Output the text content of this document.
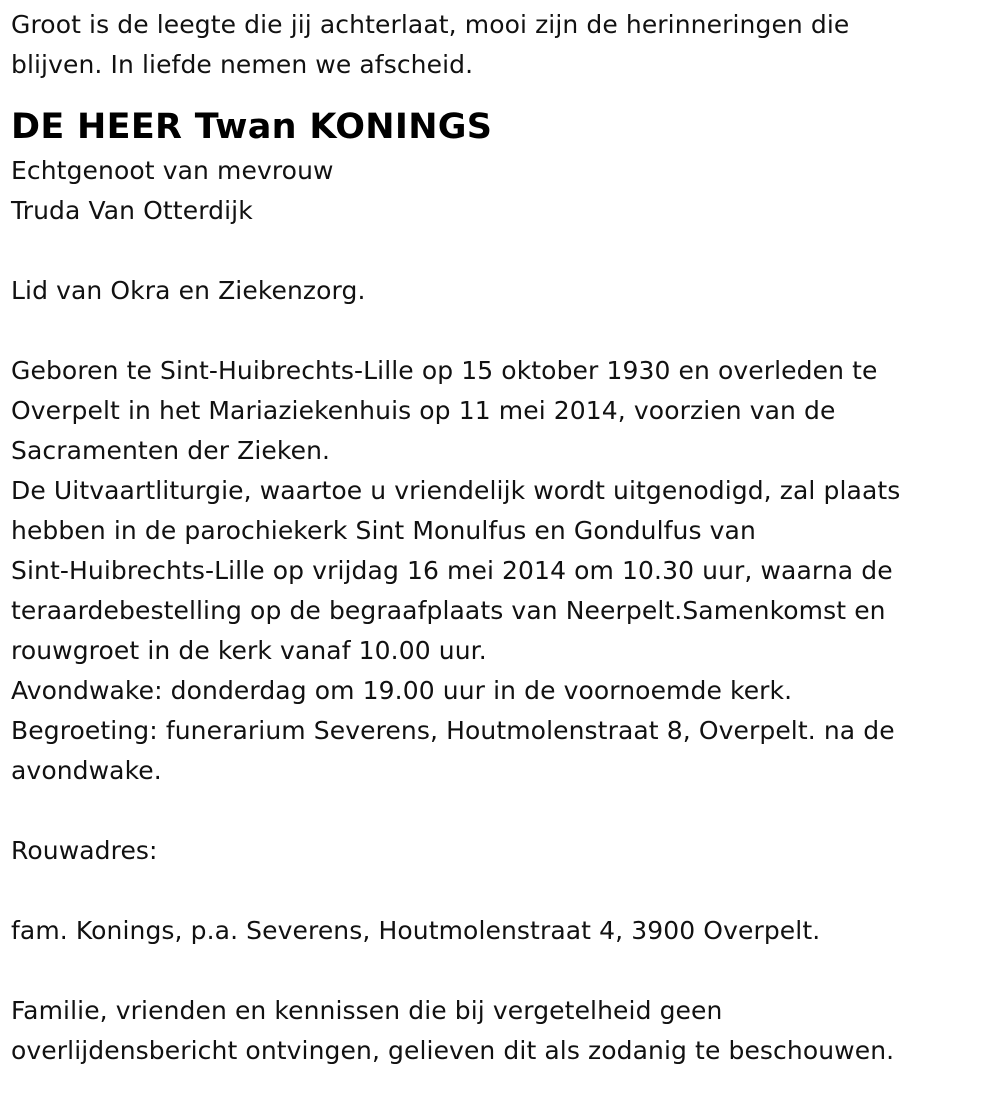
Groot is de leegte die jij achterlaat, mooi zijn de herinneringen die
blijven. In liefde nemen we afscheid.
DE HEER Twan KONINGS
Echtgenoot van mevrouw
Truda Van Otterdijk
Lid van Okra en Ziekenzorg.
Geboren te Sint-Huibrechts-Lille op 15 oktober 1930 en overleden te
Overpelt in het Mariaziekenhuis op 11 mei 2014, voorzien van de
Sacramenten der Zieken.
De Uitvaartliturgie, waartoe u vriendelijk wordt uitgenodigd, zal plaats
hebben in de parochiekerk Sint Monulfus en Gondulfus van
Sint-Huibrechts-Lille op vrijdag 16 mei 2014 om 10.30 uur, waarna de
teraardebestelling op de begraafplaats van Neerpelt.Samenkomst en
rouwgroet in de kerk vanaf 10.00 uur.
Avondwake: donderdag om 19.00 uur in de voornoemde kerk.
Begroeting: funerarium Severens, Houtmolenstraat 8, Overpelt. na de
avondwake.
Rouwadres:
fam. Konings, p.a. Severens, Houtmolenstraat 4, 3900 Overpelt.
Familie, vrienden en kennissen die bij vergetelheid geen
overlijdensbericht ontvingen, gelieven dit als zodanig te beschouwen.
